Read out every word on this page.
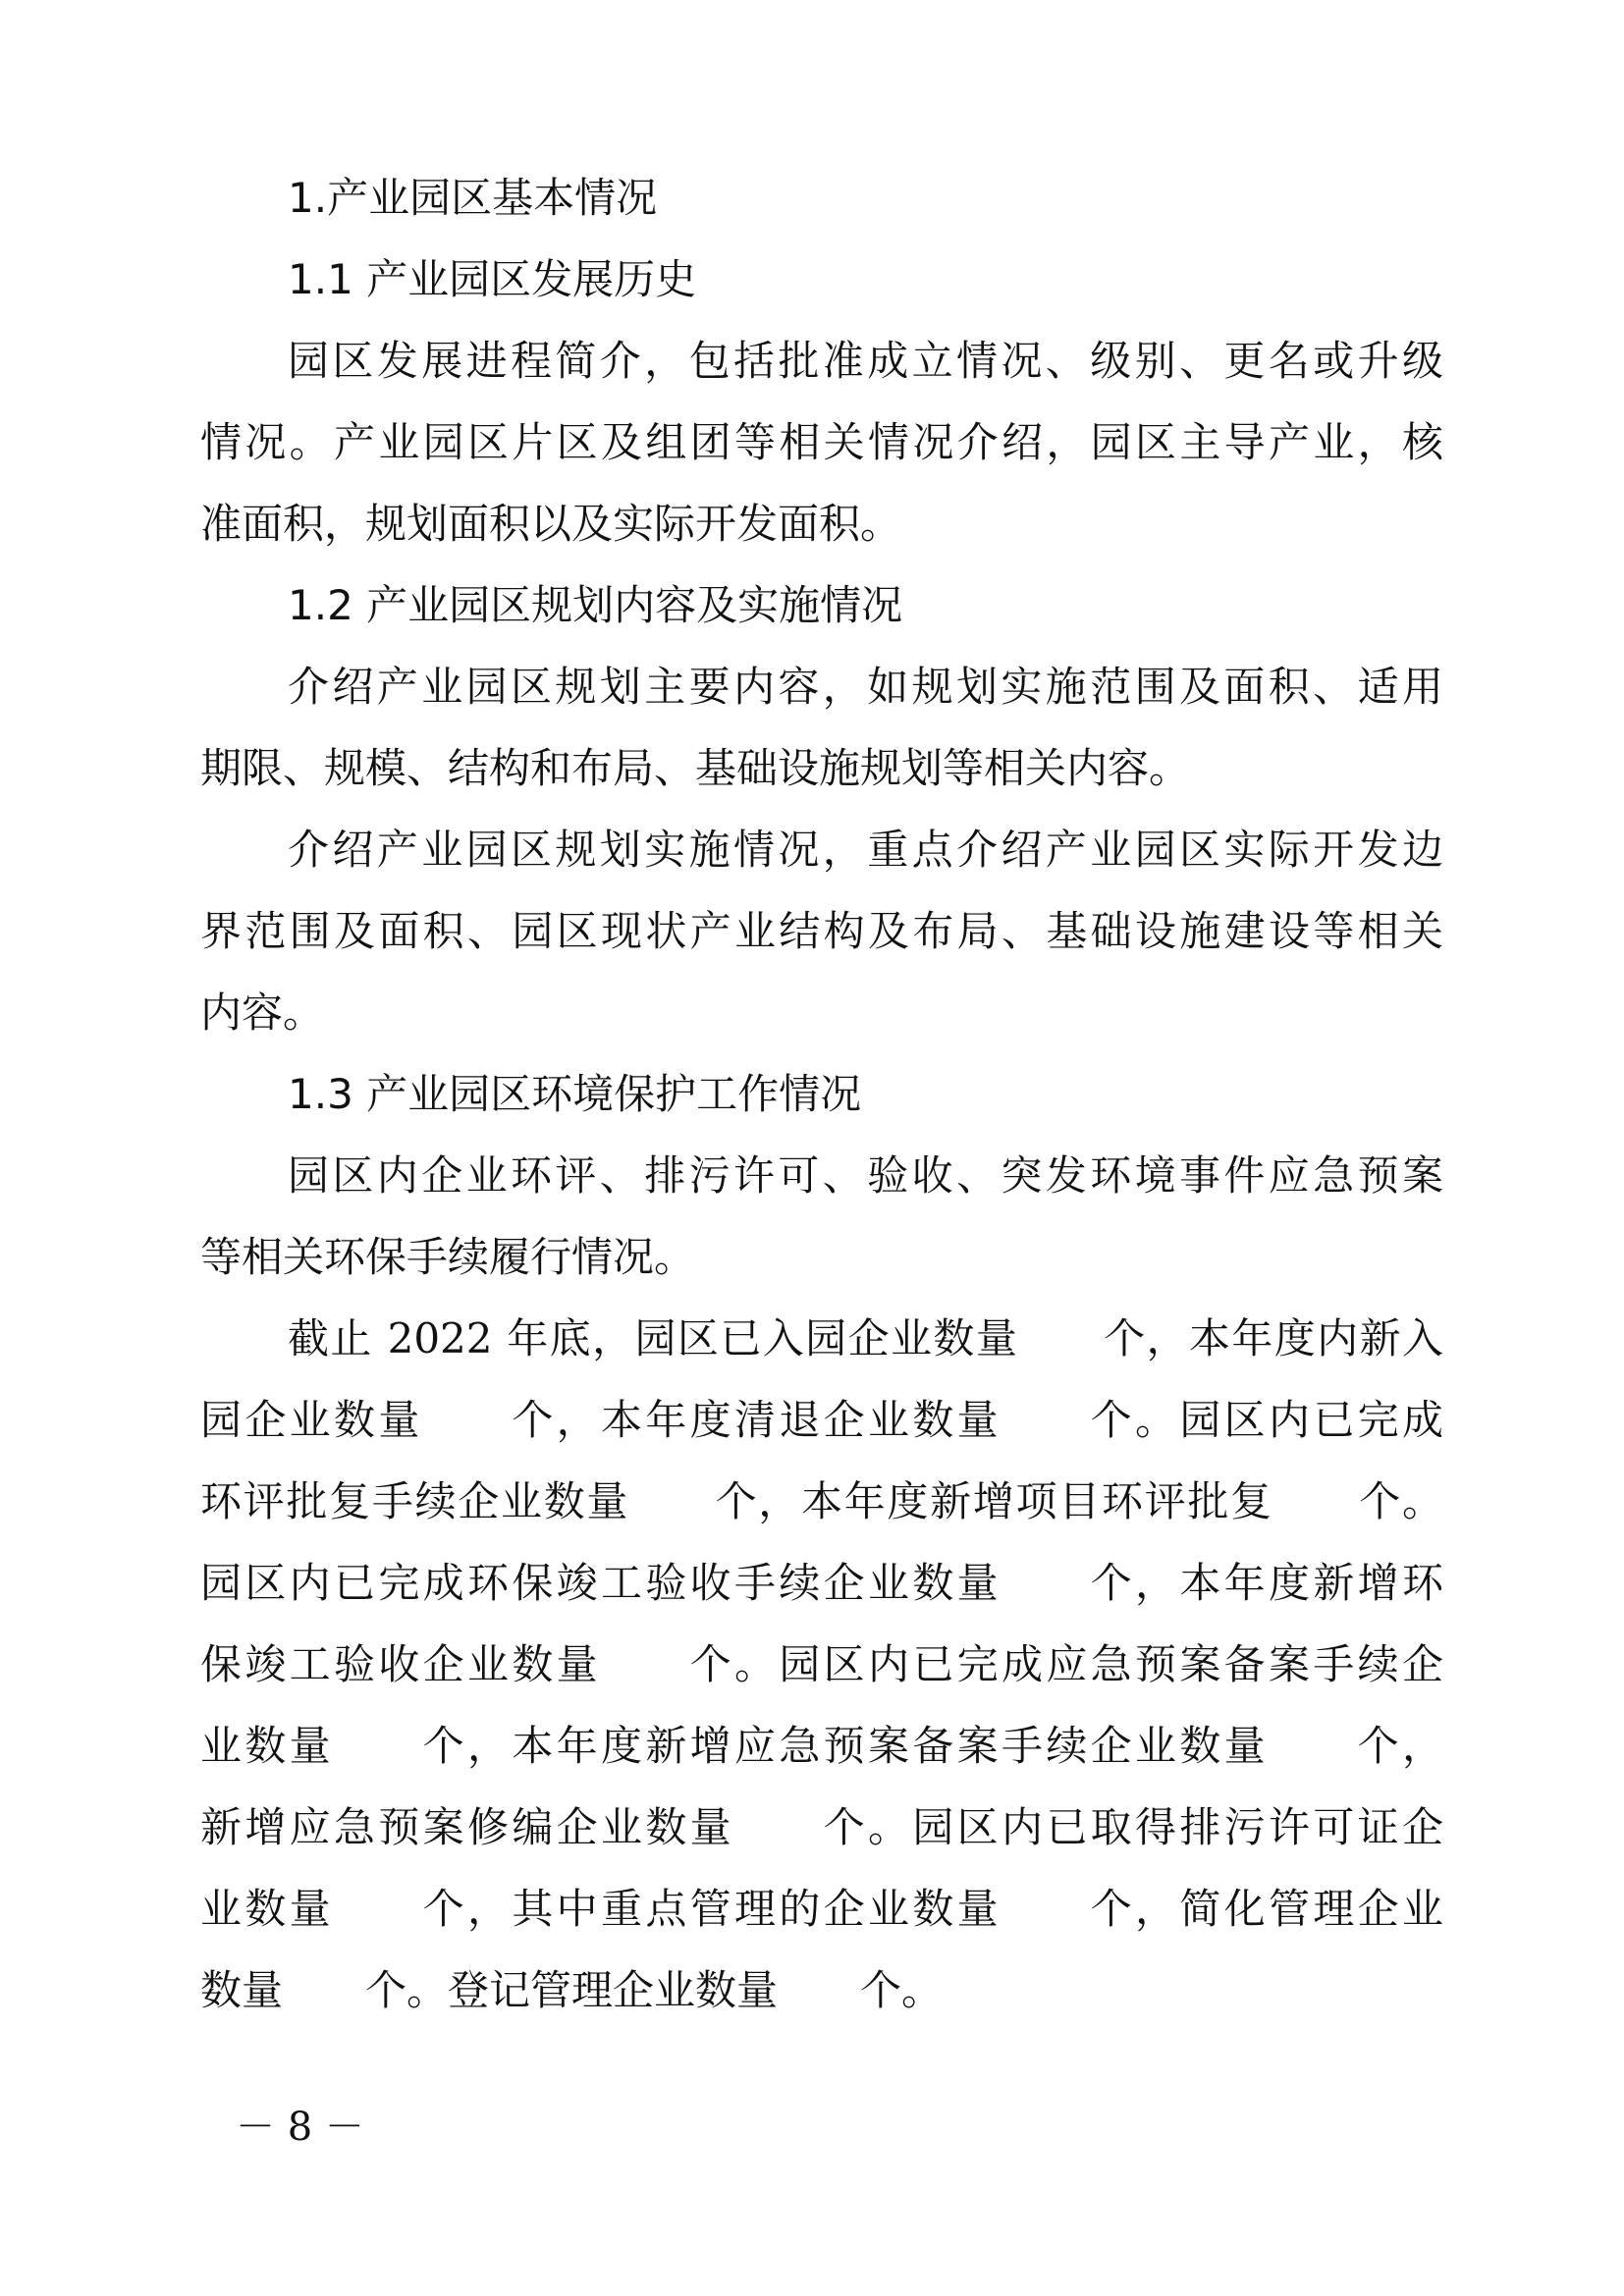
1.产业园区基本情况
1.1 产业园区发展历史
园区发展进程简介，包括批准成立情况、级别、更名或升级
情况。产业园区片区及组团等相关情况介绍，园区主导产业，核
准面积，规划面积以及实际开发面积。
1.2 产业园区规划内容及实施情况
介绍产业园区规划主要内容，如规划实施范围及面积、适用
期限、规模、结构和布局、基础设施规划等相关内容。
介绍产业园区规划实施情况，重点介绍产业园区实际开发边
界范围及面积、园区现状产业结构及布局、基础设施建设等相关
内容。
1.3 产业园区环境保护工作情况
园区内企业环评、排污许可、验收、突发环境事件应急预案
等相关环保手续履行情况。
截止 2022 年底，园区已入园企业数量　　个，本年度内新入
园企业数量　　个，本年度清退企业数量　　个。园区内已完成
环评批复手续企业数量　　个，本年度新增项目环评批复　　个。
园区内已完成环保竣工验收手续企业数量　　个，本年度新增环
保竣工验收企业数量　　个。园区内已完成应急预案备案手续企
业数量　　个，本年度新增应急预案备案手续企业数量　　个，
新增应急预案修编企业数量　　个。园区内已取得排污许可证企
业数量　　个，其中重点管理的企业数量　　个，简化管理企业
数量　　个。登记管理企业数量　　个。
－ 8 －
